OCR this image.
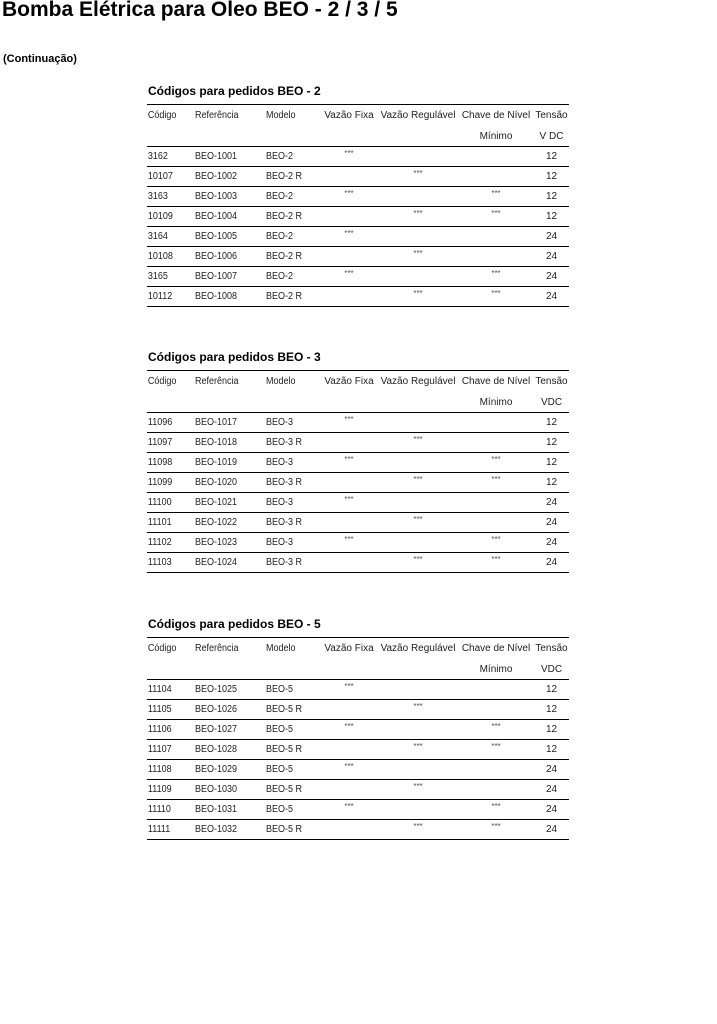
Bomba Elétrica para Oleo BEO - 2 / 3 / 5
(Continuação)
Códigos para pedidos BEO - 2
Código	Referência	Modelo	Vazão Fixa	Vazão Regulável	Chave de Nível	Tensão
					Mínimo	V DC
3162	BEO-1001	BEO-2	***			12
10107	BEO-1002	BEO-2 R		***		12
3163	BEO-1003	BEO-2	***		***	12
10109	BEO-1004	BEO-2 R		***	***	12
3164	BEO-1005	BEO-2	***			24
10108	BEO-1006	BEO-2 R		***		24
3165	BEO-1007	BEO-2	***		***	24
10112	BEO-1008	BEO-2 R		***	***	24
Códigos para pedidos BEO - 3
Código	Referência	Modelo	Vazão Fixa	Vazão Regulável	Chave de Nível	Tensão
					Mínimo	VDC
11096	BEO-1017	BEO-3	***			12
11097	BEO-1018	BEO-3 R		***		12
11098	BEO-1019	BEO-3	***		***	12
11099	BEO-1020	BEO-3 R		***	***	12
11100	BEO-1021	BEO-3	***			24
11101	BEO-1022	BEO-3 R		***		24
11102	BEO-1023	BEO-3	***		***	24
11103	BEO-1024	BEO-3 R		***	***	24
Códigos para pedidos BEO - 5
Código	Referência	Modelo	Vazão Fixa	Vazão Regulável	Chave de Nível	Tensão
					Mínimo	VDC
11104	BEO-1025	BEO-5	***			12
11105	BEO-1026	BEO-5 R		***		12
11106	BEO-1027	BEO-5	***		***	12
11107	BEO-1028	BEO-5 R		***	***	12
11108	BEO-1029	BEO-5	***			24
11109	BEO-1030	BEO-5 R		***		24
11110	BEO-1031	BEO-5	***		***	24
11111	BEO-1032	BEO-5 R		***	***	24
